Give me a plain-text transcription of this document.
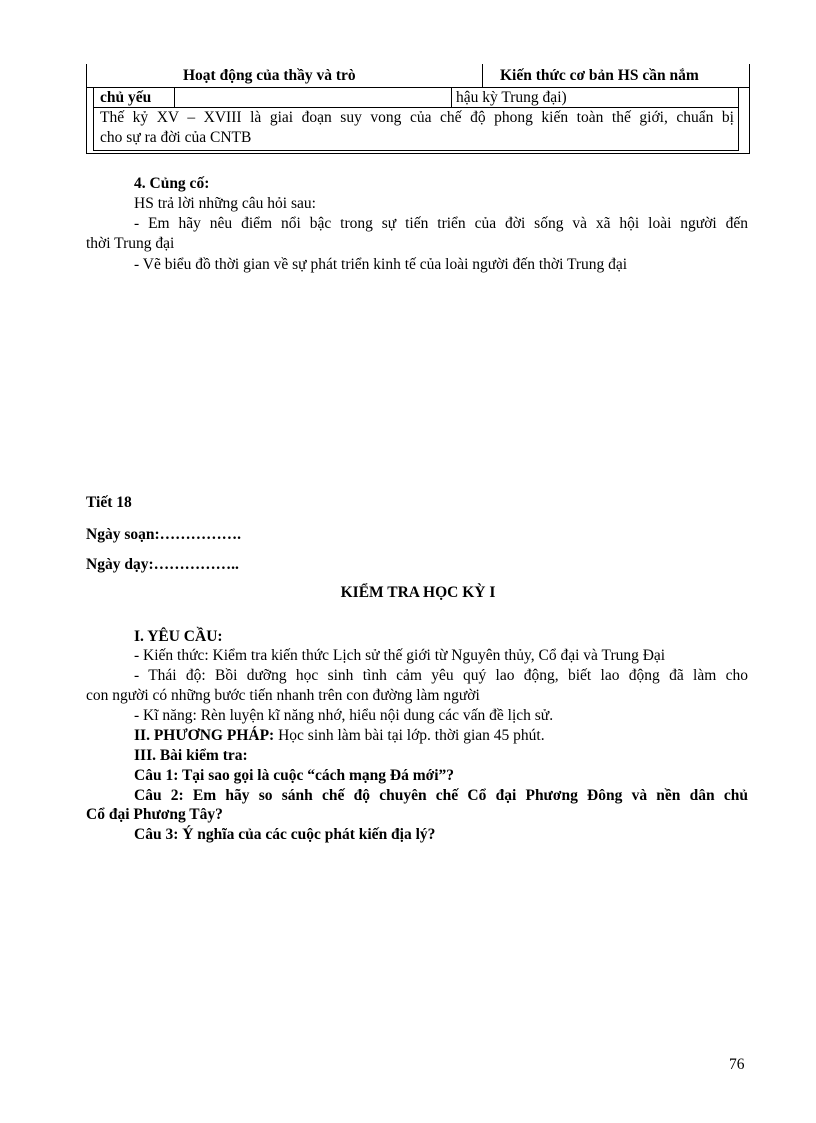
Hoạt động của thầy và trò	Kiến thức cơ bản HS cần nắm
chủ yếu	hậu kỳ Trung đại)
Thế kỷ XV – XVIII là giai đoạn suy vong của chế độ phong kiến toàn thế giới, chuẩn bị
cho sự ra đời của CNTB
4. Củng cố:
HS trả lời những câu hỏi sau:
- Em hãy nêu điểm nổi bậc trong sự tiến triển của đời sống và xã hội loài người đến
thời Trung đại
- Vẽ biểu đồ thời gian về sự phát triển kinh tế của loài người đến thời Trung đại
Tiết 18
Ngày soạn:…………….
Ngày dạy:……………..
KIỂM TRA HỌC KỲ I
I. YÊU CẦU:
- Kiến thức: Kiểm tra kiến thức Lịch sử thế giới từ Nguyên thủy, Cổ đại và Trung Đại
- Thái độ: Bồi dưỡng học sinh tình cảm yêu quý lao động, biết lao động đã làm cho
con người có những bước tiến nhanh trên con đường làm người
- Kĩ năng: Rèn luyện kĩ năng nhớ, hiểu nội dung các vấn đề lịch sử.
II. PHƯƠNG PHÁP: Học sinh làm bài tại lớp. thời gian 45 phút.
III. Bài kiểm tra:
Câu 1: Tại sao gọi là cuộc “cách mạng Đá mới”?
Câu 2: Em hãy so sánh chế độ chuyên chế Cổ đại Phương Đông và nền dân chủ
Cổ đại Phương Tây?
Câu 3: Ý nghĩa của các cuộc phát kiến địa lý?
76
